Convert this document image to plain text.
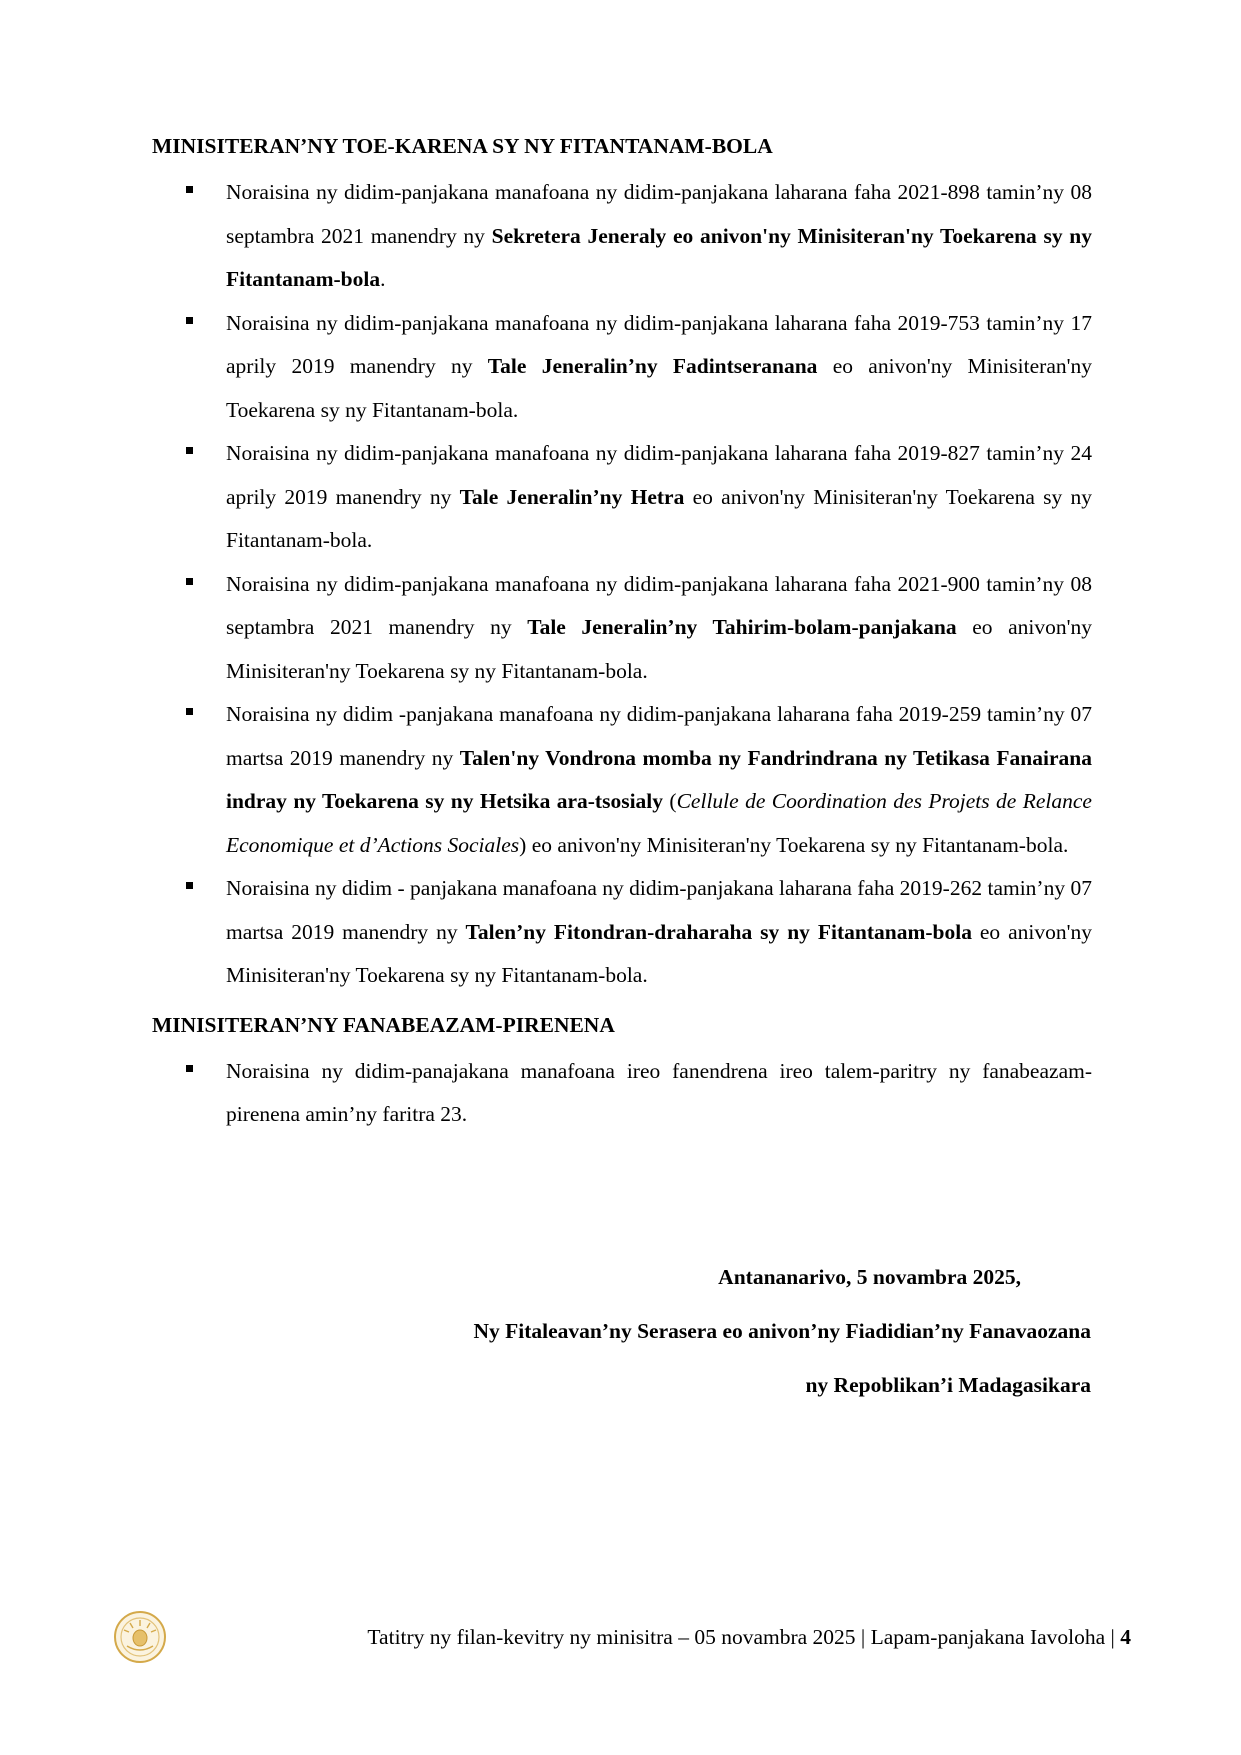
MINISITERAN’NY TOE-KARENA SY NY FITANTANAM-BOLA

Noraisina ny didim-panjakana manafoana ny didim-panjakana laharana faha 2021-898 tamin’ny 08 septambra 2021 manendry ny Sekretera Jeneraly eo anivon'ny Minisiteran'ny Toekarena sy ny Fitantanam-bola.
Noraisina ny didim-panjakana manafoana ny didim-panjakana laharana faha 2019-753 tamin’ny 17 aprily 2019 manendry ny Tale Jeneralin’ny Fadintseranana eo anivon'ny Minisiteran'ny Toekarena sy ny Fitantanam-bola.
Noraisina ny didim-panjakana manafoana ny didim-panjakana laharana faha 2019-827 tamin’ny 24 aprily 2019 manendry ny Tale Jeneralin’ny Hetra eo anivon'ny Minisiteran'ny Toekarena sy ny Fitantanam-bola.
Noraisina ny didim-panjakana manafoana ny didim-panjakana laharana faha 2021-900 tamin’ny 08 septambra 2021 manendry ny Tale Jeneralin’ny Tahirim-bolam-panjakana eo anivon'ny Minisiteran'ny Toekarena sy ny Fitantanam-bola.
Noraisina ny didim -panjakana manafoana ny didim-panjakana laharana faha 2019-259 tamin’ny 07 martsa 2019 manendry ny Talen'ny Vondrona momba ny Fandrindrana ny Tetikasa Fanairana indray ny Toekarena sy ny Hetsika ara-tsosialy (Cellule de Coordination des Projets de Relance Economique et d’Actions Sociales) eo anivon'ny Minisiteran'ny Toekarena sy ny Fitantanam-bola.
Noraisina ny didim - panjakana manafoana ny didim-panjakana laharana faha 2019-262 tamin’ny 07 martsa 2019 manendry ny Talen’ny Fitondran-draharaha sy ny Fitantanam-bola eo anivon'ny Minisiteran'ny Toekarena sy ny Fitantanam-bola.

MINISITERAN’NY FANABEAZAM-PIRENENA

Noraisina ny didim-panajakana manafoana ireo fanendrena ireo talem-paritry ny fanabeazam-pirenena amin’ny faritra 23.
Antananarivo, 5 novambra 2025,
Ny Fitaleavan’ny Serasera eo anivon’ny Fiadidian’ny Fanavaozana
ny Repoblikan’i Madagasikara
Tatitry ny filan-kevitry ny minisitra – 05 novambra 2025 | Lapam-panjakana Iavoloha | 4
